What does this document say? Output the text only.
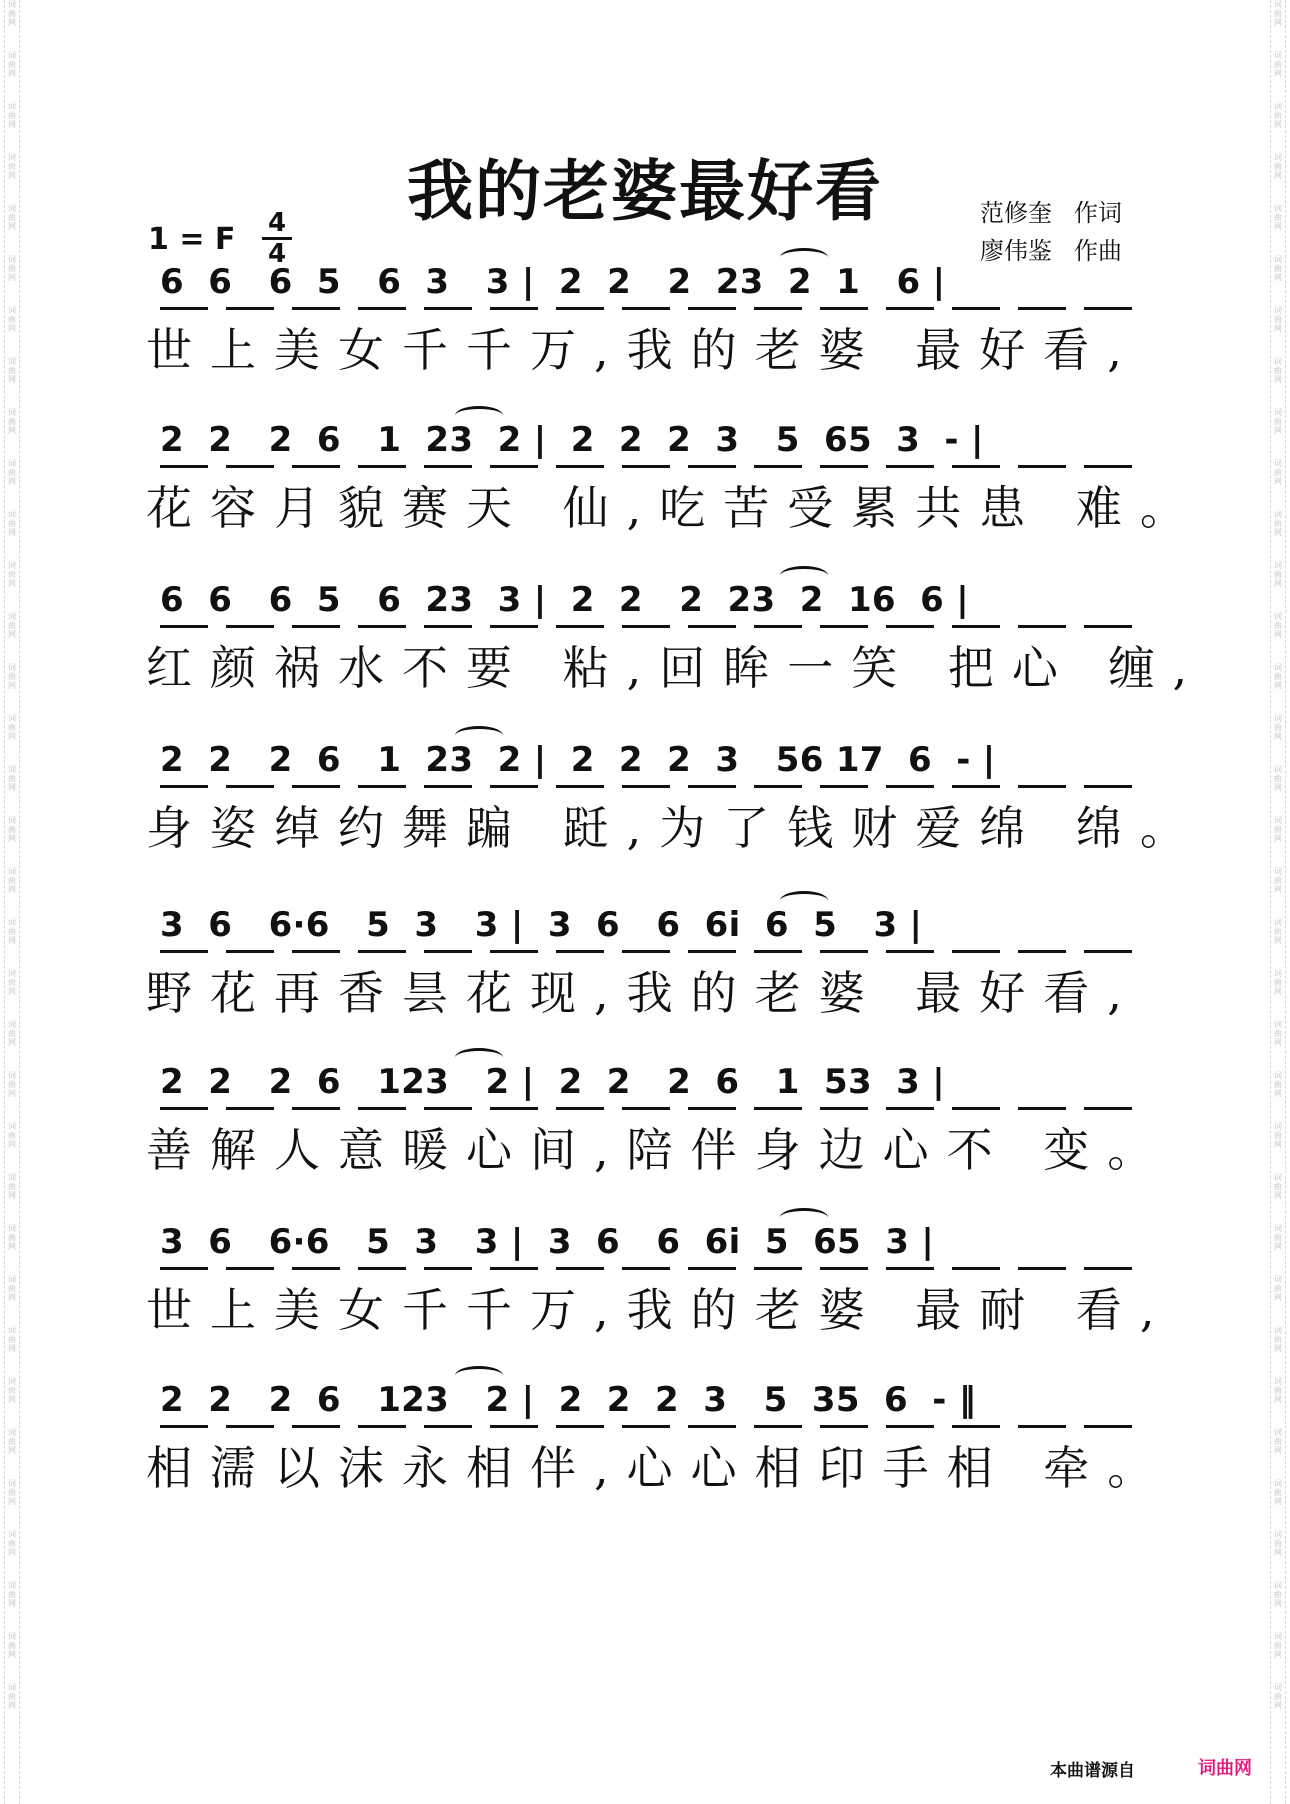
词曲网
词曲网
词曲网
词曲网
词曲网
词曲网
词曲网
词曲网
词曲网
词曲网
词曲网
词曲网
词曲网
词曲网
词曲网
词曲网
词曲网
词曲网
词曲网
词曲网
词曲网
词曲网
词曲网
词曲网
词曲网
词曲网
词曲网
词曲网
词曲网
词曲网
词曲网
词曲网
词曲网
词曲网
词曲网
词曲网
词曲网
词曲网
词曲网
词曲网
词曲网
词曲网
词曲网
词曲网
词曲网
词曲网
词曲网
词曲网
词曲网
词曲网
词曲网
词曲网
词曲网
词曲网
词曲网
词曲网
词曲网
词曲网
词曲网
词曲网
词曲网
词曲网
词曲网
词曲网
词曲网
词曲网
词曲网
词曲网
我的老婆最好看
1 = F 4
4
范修奎 作词
廖伟鉴 作曲
6  6   6  5   6  3   3 |  2  2   2  23  2  1   6 |
世上美女千千万,我的老婆 最好看,
2  2   2  6   1  23  2 |  2  2  2  3   5  65  3  - |
花容月貌赛天 仙,吃苦受累共患 难。
6  6   6  5   6  23  3 |  2  2   2  23  2  16  6 |
红颜祸水不要 粘,回眸一笑 把心 缠,
2  2   2  6   1  23  2 |  2  2  2  3   56 17  6  - |
身姿绰约舞蹁 跹,为了钱财爱绵 绵。
3  6   6·6   5  3   3 |  3  6   6  6i  6  5   3 |
野花再香昙花现,我的老婆 最好看,
2  2   2  6   123   2 |  2  2   2  6   1  53  3 |
善解人意暖心间,陪伴身边心不 变。
3  6   6·6   5  3   3 |  3  6   6  6i  5  65  3 |
世上美女千千万,我的老婆 最耐 看,
2  2   2  6   123   2 |  2  2  2  3   5  35  6  - ‖
相濡以沫永相伴,心心相印手相 牵。
本曲谱源自	词曲网
